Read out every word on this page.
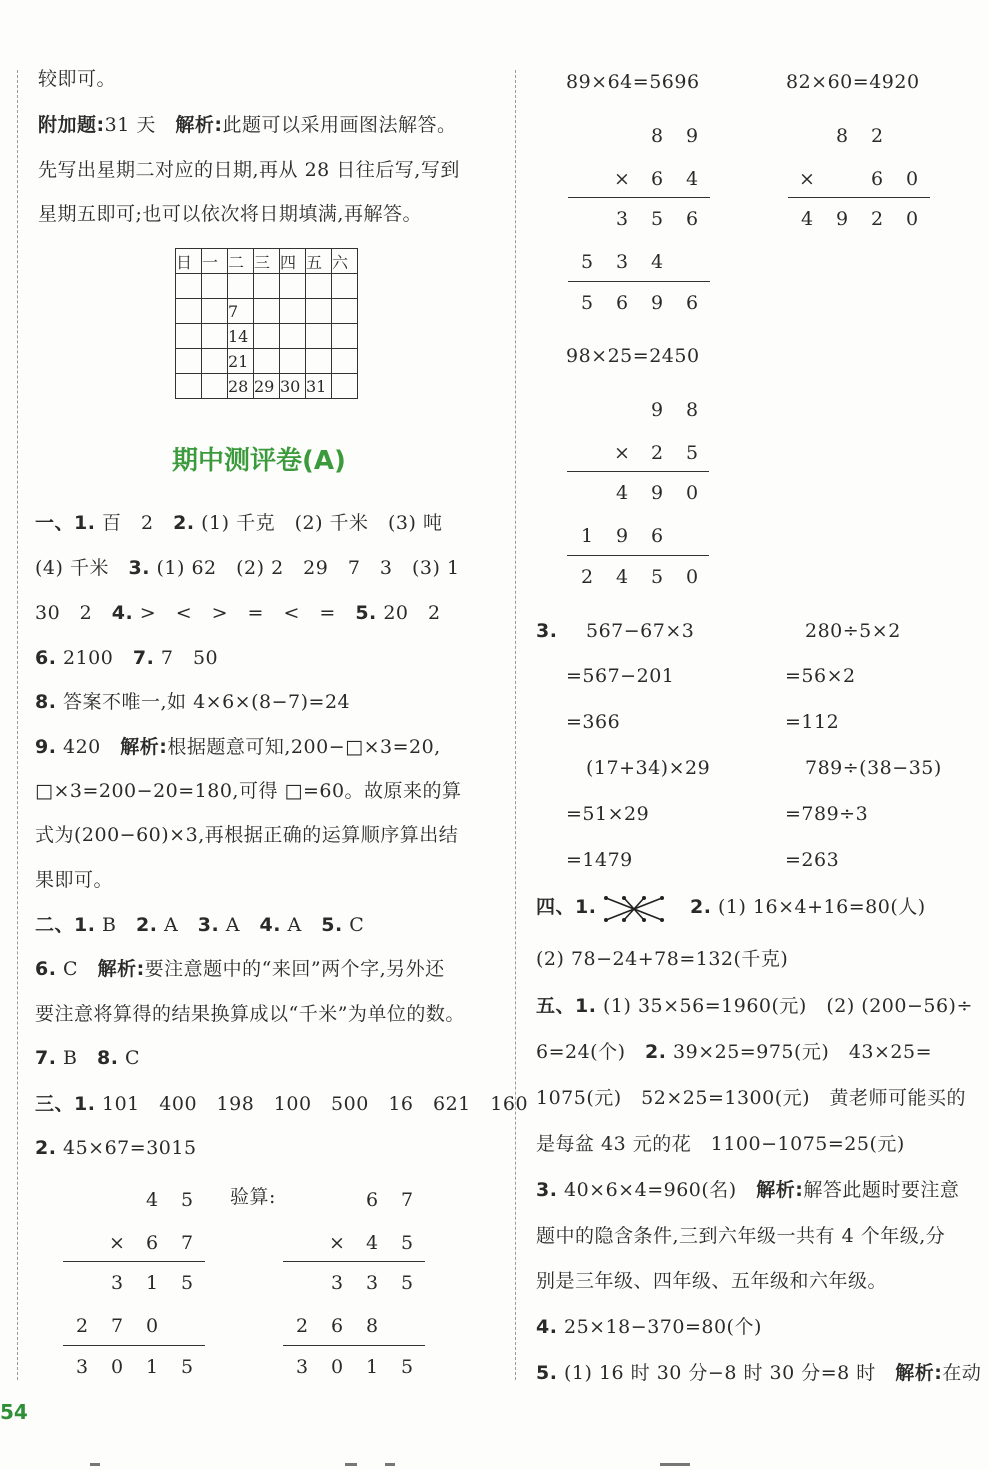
较即可。
附加题:31 天　 解析:此题可以采用画图法解答。
先写出星期二对应的日期,再从 28 日往后写,写到
星期五即可;也可以依次将日期填满,再解答。
日	一	二	三	四	五	六

		7				
		14				
		21				
		28	29	30	31	
期中测评卷(A)
一、1. 百　2　 2. (1) 千克　(2) 千米　(3) 吨
(4) 千米　 3. (1) 62　(2) 2　29　7　3　(3) 1
30　2　 4. >　<　>　=　<　=　 5. 20　2
6. 2100　 7. 7　50
8. 答案不唯一,如 4×6×(8−7)=24
9. 420　 解析:根据题意可知,200−□×3=20,
□×3=200−20=180,可得 □=60。故原来的算
式为(200−60)×3,再根据正确的运算顺序算出结
果即可。
二、1. B　 2. A　 3. A　 4. A　 5. C
6. C　 解析:要注意题中的“来回”两个字,另外还
要注意将算得的结果换算成以“千米”为单位的数。
7. B　 8. C
三、1. 101　400　198　100　500　16　621　160
2. 45×67=3015
验算:
4	5
×	6	7
3	1	5
2	7	0
3	0	1	5
6	7
×	4	5
3	3	5
2	6	8
3	0	1	5
54
89×64=5696	82×60=4920
8	9
×	6	4
3	5	6
5	3	4
5	6	9	6
8	2
×	6	0
4	9	2	0
98×25=2450
9	8
×	2	5
4	9	0
1	9	6
2	4	5	0
3. 567−67×3	280÷5×2
=567−201	=56×2
=366	=112
(17+34)×29	789÷(38−35)
=51×29	=789÷3
=1479	=263
四、1.	2. (1) 16×4+16=80(人)
(2) 78−24+78=132(千克)
五、1. (1) 35×56=1960(元)　(2) (200−56)÷
6=24(个)　 2. 39×25=975(元)　43×25=
1075(元)　52×25=1300(元)　黄老师可能买的
是每盆 43 元的花　1100−1075=25(元)
3. 40×6×4=960(名)　 解析:解答此题时要注意
题中的隐含条件,三到六年级一共有 4 个年级,分
别是三年级、四年级、五年级和六年级。
4. 25×18−370=80(个)
5. (1) 16 时 30 分−8 时 30 分=8 时　 解析:在动
